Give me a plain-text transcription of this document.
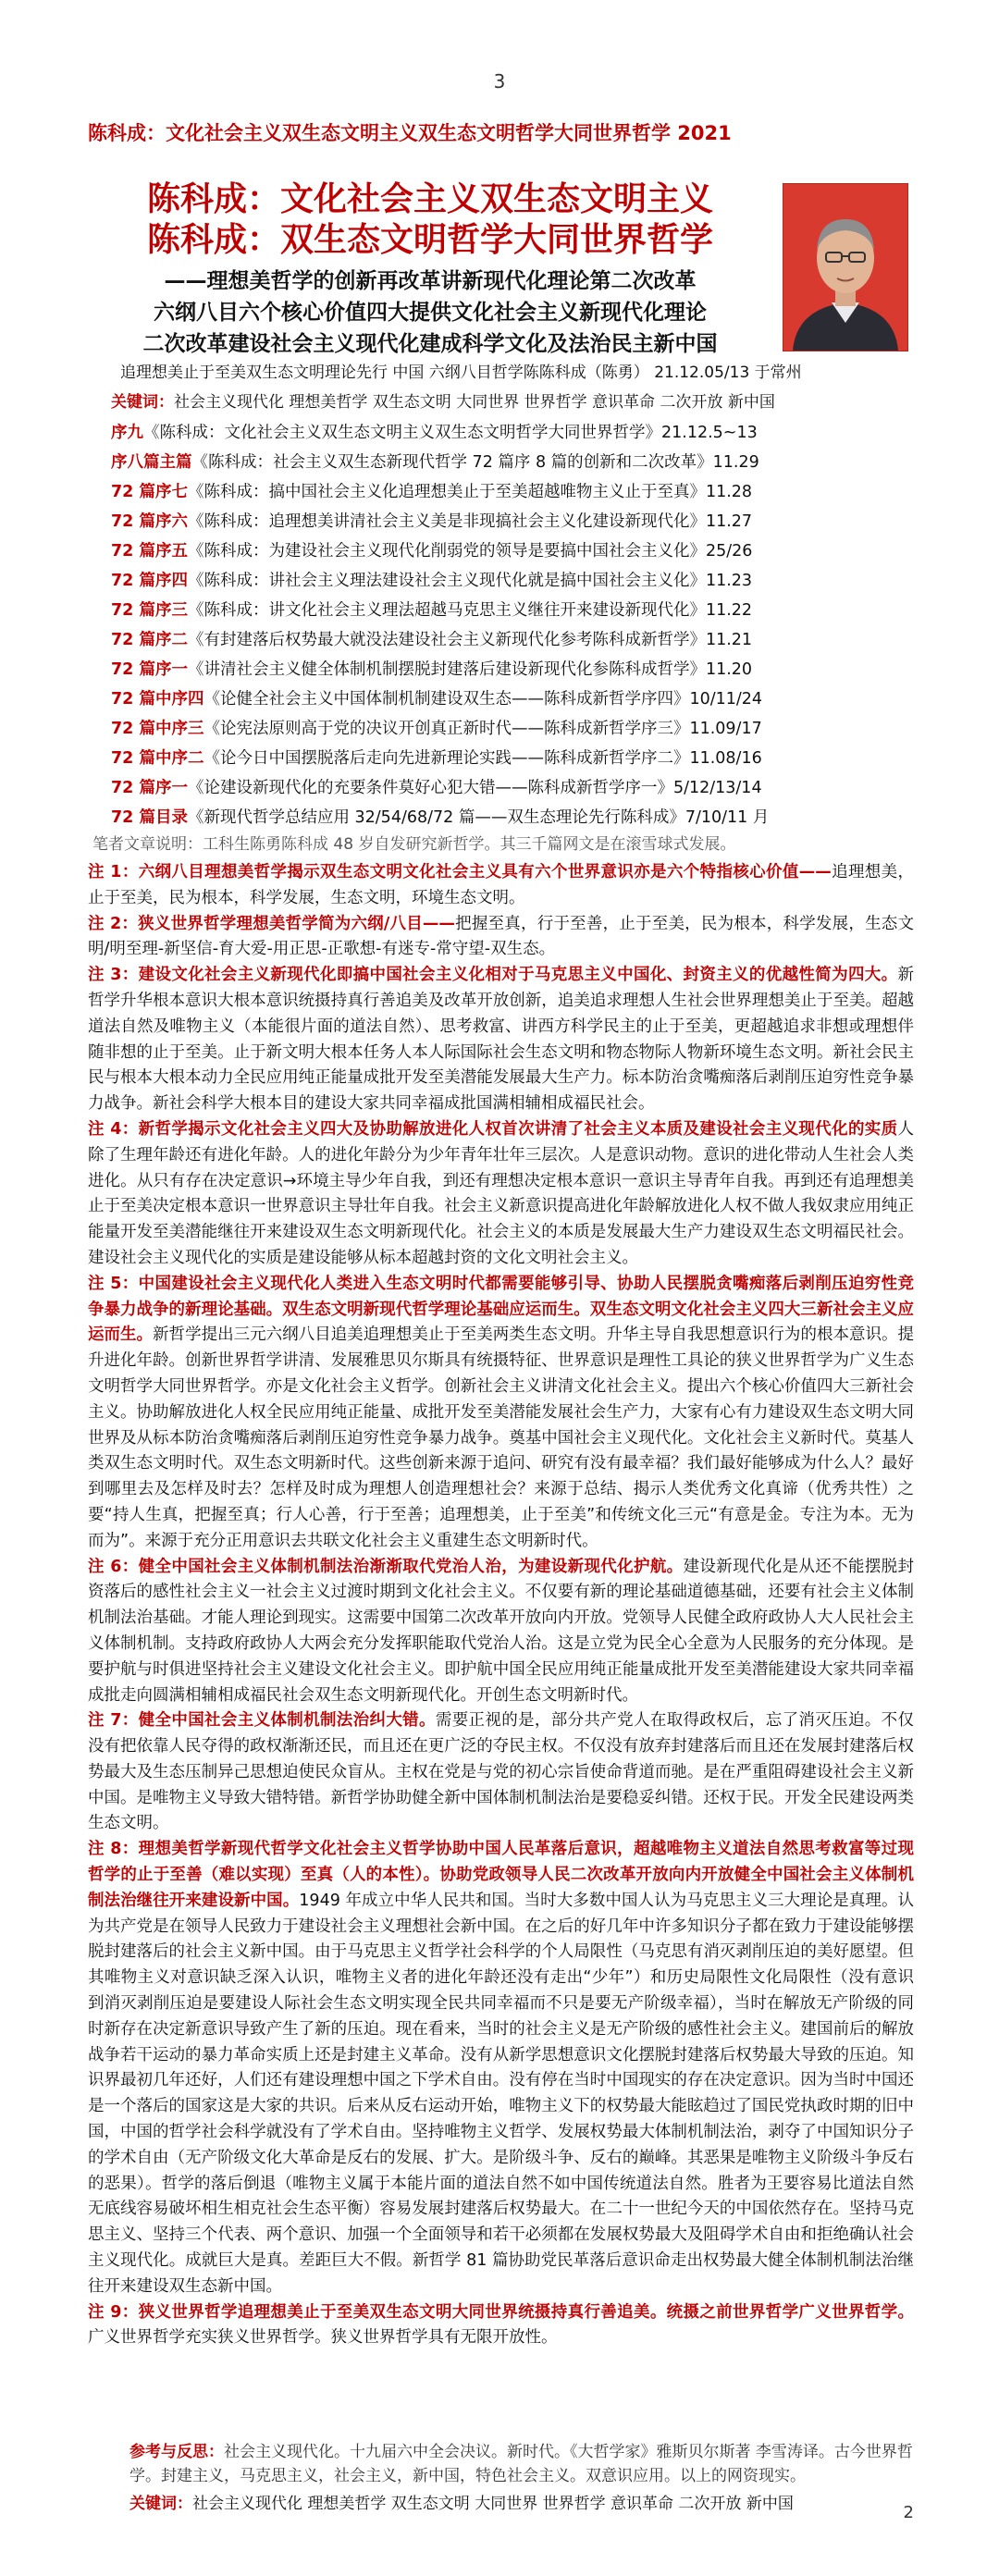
3
陈科成：文化社会主义双生态文明主义双生态文明哲学大同世界哲学 2021
陈科成：文化社会主义双生态文明主义
陈科成：双生态文明哲学大同世界哲学
——理想美哲学的创新再改革讲新现代化理论第二次改革
六纲八目六个核心价值四大提供文化社会主义新现代化理论
二次改革建设社会主义现代化建成科学文化及法治民主新中国
追理想美止于至美双生态文明理论先行 中国 六纲八目哲学陈陈科成（陈勇） 21.12.05/13 于常州
关键词：社会主义现代化 理想美哲学 双生态文明 大同世界 世界哲学 意识革命 二次开放 新中国
序九《陈科成：文化社会主义双生态文明主义双生态文明哲学大同世界哲学》21.12.5~13
序八篇主篇《陈科成：社会主义双生态新现代哲学 72 篇序 8 篇的创新和二次改革》11.29
72 篇序七《陈科成：搞中国社会主义化追理想美止于至美超越唯物主义止于至真》11.28
72 篇序六《陈科成：追理想美讲清社会主义美是非现搞社会主义化建设新现代化》11.27
72 篇序五《陈科成：为建设社会主义现代化削弱党的领导是要搞中国社会主义化》25/26
72 篇序四《陈科成：讲社会主义理法建设社会主义现代化就是搞中国社会主义化》11.23
72 篇序三《陈科成：讲文化社会主义理法超越马克思主义继往开来建设新现代化》11.22
72 篇序二《有封建落后权势最大就没法建设社会主义新现代化参考陈科成新哲学》11.21
72 篇序一《讲清社会主义健全体制机制摆脱封建落后建设新现代化参陈科成哲学》11.20
72 篇中序四《论健全社会主义中国体制机制建设双生态——陈科成新哲学序四》10/11/24
72 篇中序三《论宪法原则高于党的决议开创真正新时代——陈科成新哲学序三》11.09/17
72 篇中序二《论今日中国摆脱落后走向先进新理论实践——陈科成新哲学序二》11.08/16
72 篇序一《论建设新现代化的充要条件莫好心犯大错——陈科成新哲学序一》5/12/13/14
72 篇目录《新现代哲学总结应用 32/54/68/72 篇——双生态理论先行陈科成》7/10/11 月
笔者文章说明：工科生陈勇陈科成 48 岁自发研究新哲学。其三千篇网文是在滚雪球式发展。

注 1：六纲八目理想美哲学揭示双生态文明文化社会主义具有六个世界意识亦是六个特指核心价值——追理想美，止于至美，民为根本，科学发展，生态文明，环境生态文明。

注 2：狭义世界哲学理想美哲学简为六纲/八目——把握至真，行于至善，止于至美，民为根本，科学发展，生态文明/明至理-新坚信-育大爱-用正思-正歌想-有迷专-常守望-双生态。

注 3：建设文化社会主义新现代化即搞中国社会主义化相对于马克思主义中国化、封资主义的优越性简为四大。新哲学升华根本意识大根本意识统摄持真行善追美及改革开放创新，追美追求理想人生社会世界理想美止于至美。超越道法自然及唯物主义（本能很片面的道法自然）、思考救富、讲西方科学民主的止于至美，更超越追求非想或理想伴随非想的止于至美。止于新文明大根本任务人本人际国际社会生态文明和物态物际人物新环境生态文明。新社会民主民与根本大根本动力全民应用纯正能量成批开发至美潜能发展最大生产力。标本防治贪嘴痴落后剥削压迫穷性竞争暴力战争。新社会科学大根本目的建设大家共同幸福成批国满相辅相成福民社会。

注 4：新哲学揭示文化社会主义四大及协助解放进化人权首次讲清了社会主义本质及建设社会主义现代化的实质人除了生理年龄还有进化年龄。人的进化年龄分为少年青年壮年三层次。人是意识动物。意识的进化带动人生社会人类进化。从只有存在决定意识→环境主导少年自我，到还有理想决定根本意识一意识主导青年自我。再到还有追理想美止于至美决定根本意识一世界意识主导壮年自我。社会主义新意识提高进化年龄解放进化人权不做人我奴隶应用纯正能量开发至美潜能继往开来建设双生态文明新现代化。社会主义的本质是发展最大生产力建设双生态文明福民社会。建设社会主义现代化的实质是建设能够从标本超越封资的文化文明社会主义。

注 5：中国建设社会主义现代化人类进入生态文明时代都需要能够引导、协助人民摆脱贪嘴痴落后剥削压迫穷性竞争暴力战争的新理论基础。双生态文明新现代哲学理论基础应运而生。双生态文明文化社会主义四大三新社会主义应运而生。新哲学提出三元六纲八目追美追理想美止于至美两类生态文明。升华主导自我思想意识行为的根本意识。提升进化年龄。创新世界哲学讲清、发展雅思贝尔斯具有统摄特征、世界意识是理性工具论的狭义世界哲学为广义生态文明哲学大同世界哲学。亦是文化社会主义哲学。创新社会主义讲清文化社会主义。提出六个核心价值四大三新社会主义。协助解放进化人权全民应用纯正能量、成批开发至美潜能发展社会生产力，大家有心有力建设双生态文明大同世界及从标本防治贪嘴痴落后剥削压迫穷性竞争暴力战争。奠基中国社会主义现代化。文化社会主义新时代。莫基人类双生态文明时代。双生态文明新时代。这些创新来源于追问、研究有没有最幸福？我们最好能够成为什么人？最好到哪里去及怎样及时去？怎样及时成为理想人创造理想社会？来源于总结、揭示人类优秀文化真谛（优秀共性）之要“持人生真，把握至真；行人心善，行于至善；追理想美，止于至美”和传统文化三元“有意是金。专注为本。无为而为”。来源于充分正用意识去共联文化社会主义重建生态文明新时代。

注 6：健全中国社会主义体制机制法治渐渐取代党治人治，为建设新现代化护航。建设新现代化是从还不能摆脱封资落后的感性社会主义一社会主义过渡时期到文化社会主义。不仅要有新的理论基础道德基础，还要有社会主义体制机制法治基础。才能人理论到现实。这需要中国第二次改革开放向内开放。党领导人民健全政府政协人大人民社会主义体制机制。支持政府政协人大两会充分发挥职能取代党治人治。这是立党为民全心全意为人民服务的充分体现。是要护航与时俱进坚持社会主义建设文化社会主义。即护航中国全民应用纯正能量成批开发至美潜能建设大家共同幸福成批走向圆满相辅相成福民社会双生态文明新现代化。开创生态文明新时代。

注 7：健全中国社会主义体制机制法治纠大错。需要正视的是，部分共产党人在取得政权后，忘了消灭压迫。不仅没有把依靠人民夺得的政权渐渐还民，而且还在更广泛的夺民主权。不仅没有放弃封建落后而且还在发展封建落后权势最大及生态压制异己思想迫使民众盲从。主权在党是与党的初心宗旨使命背道而驰。是在严重阻碍建设社会主义新中国。是唯物主义导致大错特错。新哲学协助健全新中国体制机制法治是要稳妥纠错。还权于民。开发全民建设两类生态文明。

注 8：理想美哲学新现代哲学文化社会主义哲学协助中国人民革落后意识，超越唯物主义道法自然思考救富等过现哲学的止于至善（难以实现）至真（人的本性）。协助党政领导人民二次改革开放向内开放健全中国社会主义体制机制法治继往开来建设新中国。1949 年成立中华人民共和国。当时大多数中国人认为马克思主义三大理论是真理。认为共产党是在领导人民致力于建设社会主义理想社会新中国。在之后的好几年中许多知识分子都在致力于建设能够摆脱封建落后的社会主义新中国。由于马克思主义哲学社会科学的个人局限性（马克思有消灭剥削压迫的美好愿望。但其唯物主义对意识缺乏深入认识，唯物主义者的进化年龄还没有走出“少年”）和历史局限性文化局限性（没有意识到消灭剥削压迫是要建设人际社会生态文明实现全民共同幸福而不只是要无产阶级幸福），当时在解放无产阶级的同时新存在决定新意识导致产生了新的压迫。现在看来，当时的社会主义是无产阶级的感性社会主义。建国前后的解放战争若干运动的暴力革命实质上还是封建主义革命。没有从新学思想意识文化摆脱封建落后权势最大导致的压迫。知识界最初几年还好，人们还有建设理想中国之下学术自由。没有停在当时中国现实的存在决定意识。因为当时中国还是一个落后的国家这是大家的共识。后来从反右运动开始，唯物主义下的权势最大能眩趋过了国民党执政时期的旧中国，中国的哲学社会科学就没有了学术自由。坚持唯物主义哲学、发展权势最大体制机制法治，剥夺了中国知识分子的学术自由（无产阶级文化大革命是反右的发展、扩大。是阶级斗争、反右的巅峰。其恶果是唯物主义阶级斗争反右的恶果）。哲学的落后倒退（唯物主义属于本能片面的道法自然不如中国传统道法自然。胜者为王要容易比道法自然无底线容易破坏相生相克社会生态平衡）容易发展封建落后权势最大。在二十一世纪今天的中国依然存在。坚持马克思主义、坚持三个代表、两个意识、加强一个全面领导和若干必须都在发展权势最大及阻碍学术自由和拒绝确认社会主义现代化。成就巨大是真。差距巨大不假。新哲学 81 篇协助党民革落后意识命走出权势最大健全体制机制法治继往开来建设双生态新中国。

注 9：狭义世界哲学追理想美止于至美双生态文明大同世界统摄持真行善追美。统摄之前世界哲学广义世界哲学。广义世界哲学充实狭义世界哲学。狭义世界哲学具有无限开放性。

参考与反思：社会主义现代化。十九届六中全会决议。新时代。《大哲学家》雅斯贝尔斯著 李雪涛译。古今世界哲学。封建主义，马克思主义，社会主义，新中国，特色社会主义。双意识应用。以上的网资现实。
关键词：社会主义现代化 理想美哲学 双生态文明 大同世界 世界哲学 意识革命 二次开放 新中国	2
